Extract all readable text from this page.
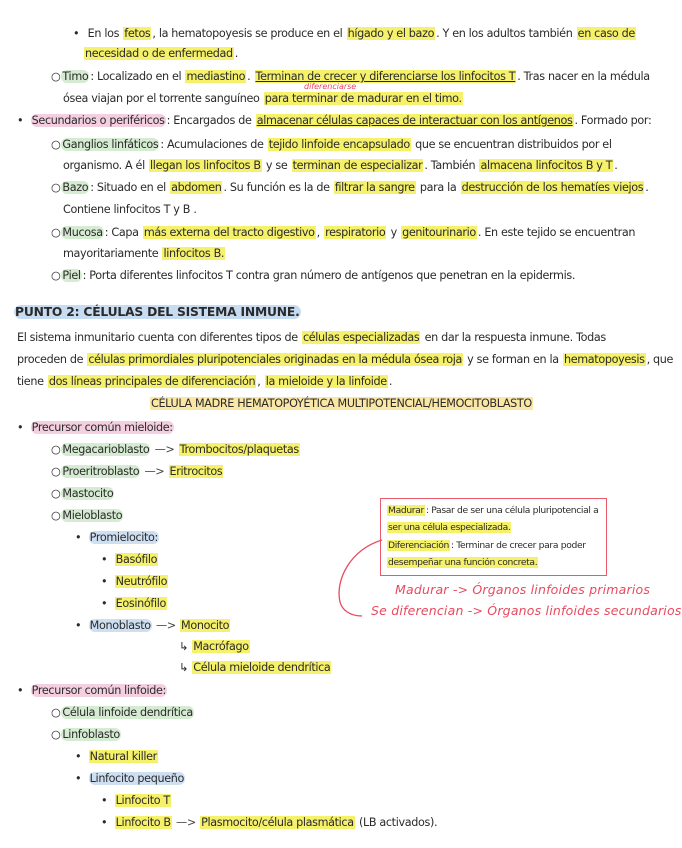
• En los fetos , la hematopoyesis se produce en el hígado y el bazo . Y en los adultos también en caso de
necesidad o de enfermedad .
○ Timo : Localizado en el mediastino . Terminan de crecer y diferenciarse los linfocitos T . Tras nacer en la médula
diferenciarse
ósea viajan por el torrente sanguíneo para terminar de madurar en el timo.
• Secundarios o periféricos : Encargados de almacenar células capaces de interactuar con los antígenos . Formado por:
○ Ganglios linfáticos : Acumulaciones de tejido linfoide encapsulado que se encuentran distribuidos por el
organismo. A él llegan los linfocitos B y se terminan de especializar . También almacena linfocitos B y T .
○ Bazo : Situado en el abdomen . Su función es la de filtrar la sangre para la destrucción de los hematíes viejos .
Contiene linfocitos T y B .
○ Mucosa : Capa más externa del tracto digestivo , respiratorio y genitourinario . En este tejido se encuentran
mayoritariamente linfocitos B.
○ Piel : Porta diferentes linfocitos T contra gran número de antígenos que penetran en la epidermis.
PUNTO 2: CÉLULAS DEL SISTEMA INMUNE.
El sistema inmunitario cuenta con diferentes tipos de células especializadas en dar la respuesta inmune. Todas
proceden de células primordiales pluripotenciales originadas en la médula ósea roja y se forman en la hematopoyesis , que
tiene dos líneas principales de diferenciación , la mieloide y la linfoide .
CÉLULA MADRE HEMATOPOYÉTICA MULTIPOTENCIAL/HEMOCITOBLASTO
• Precursor común mieloide:
○ Megacarioblasto —> Trombocitos/plaquetas
○ Proeritroblasto —> Eritrocitos
○ Mastocito
○ Mieloblasto
• Promielocito:
• Basófilo
• Neutrófilo
• Eosinófilo
• Monoblasto —> Monocito
↳ Macrófago
↳ Célula mieloide dendrítica
• Precursor común linfoide:
○ Célula linfoide dendrítica
○ Linfoblasto
• Natural killer
• Linfocito pequeño
• Linfocito T
• Linfocito B —> Plasmocito/célula plasmática (LB activados).
Madurar : Pasar de ser una célula pluripotencial a
ser una célula especializada.
Diferenciación : Terminar de crecer para poder
desempeñar una función concreta.
Madurar -> Órganos linfoides primarios
Se diferencian -> Órganos linfoides secundarios
